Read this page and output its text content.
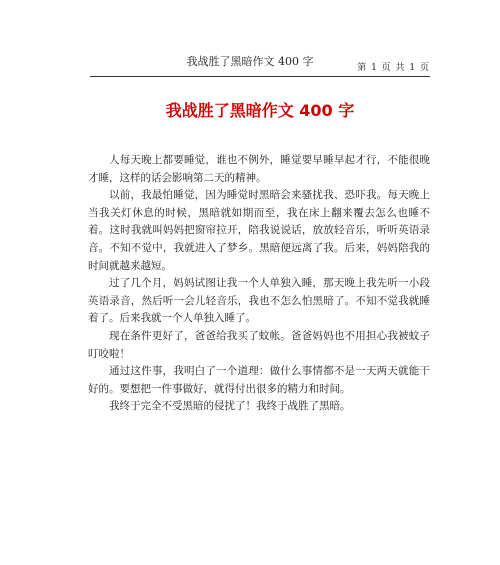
我战胜了黑暗作文 400 字	第 1 页 共 1 页
我战胜了黑暗作文 400 字

人每天晚上都要睡觉，谁也不例外，睡觉要早睡早起才行，不能很晚才睡，这样的话会影响第二天的精神。

以前，我最怕睡觉，因为睡觉时黑暗会来骚扰我、恐吓我。每天晚上当我关灯休息的时候，黑暗就如期而至，我在床上翻来覆去怎么也睡不着。这时我就叫妈妈把窗帘拉开，陪我说说话，放放轻音乐，听听英语录音。不知不觉中，我就进入了梦乡。黑暗便远离了我。后来，妈妈陪我的时间就越来越短。

过了几个月，妈妈试图让我一个人单独入睡，那天晚上我先听一小段英语录音，然后听一会儿轻音乐，我也不怎么怕黑暗了。不知不觉我就睡着了。后来我就一个人单独入睡了。

现在条件更好了，爸爸给我买了蚊帐。爸爸妈妈也不用担心我被蚊子叮咬啦！

通过这件事，我明白了一个道理：做什么事情都不是一天两天就能干好的。要想把一件事做好，就得付出很多的精力和时间。

我终于完全不受黑暗的侵扰了！我终于战胜了黑暗。
